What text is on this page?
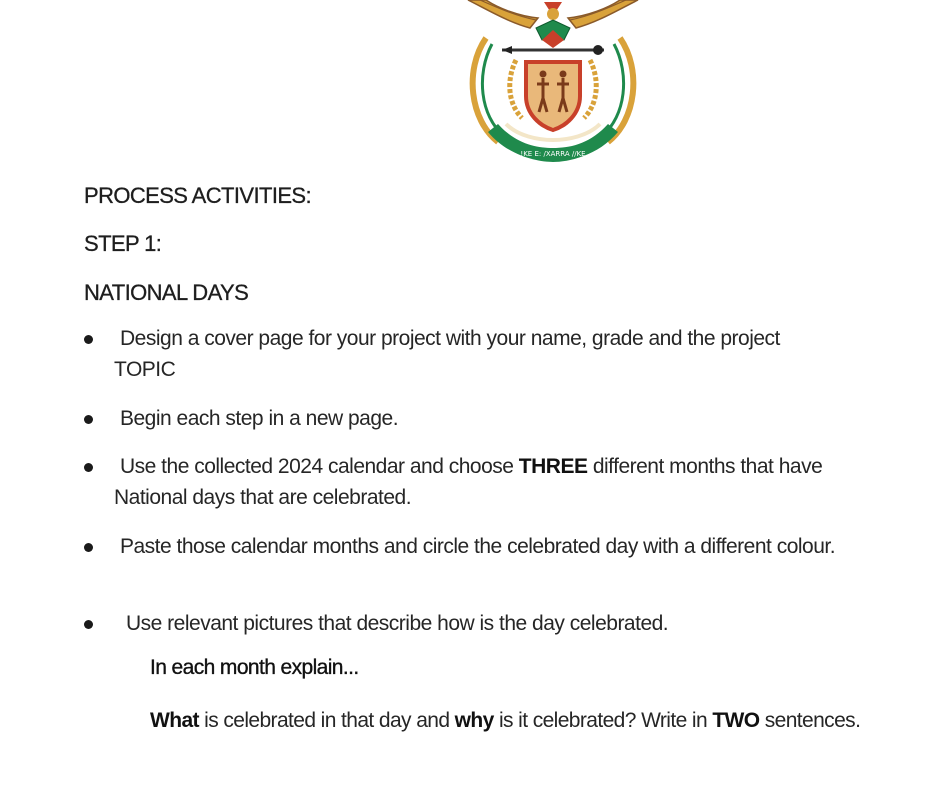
!KE E: /XARRA //KE
PROCESS ACTIVITIES:
STEP 1:
NATIONAL DAYS
Design a cover page for your project with your name, grade and the project TOPIC
Begin each step in a new page.
Use the collected 2024 calendar and choose THREE different months that have National days that are celebrated.
Paste those calendar months and circle the celebrated day with a different colour.
Use relevant pictures that describe how is the day celebrated.
In each month explain...
What is celebrated in that day and why is it celebrated? Write in TWO sentences.
